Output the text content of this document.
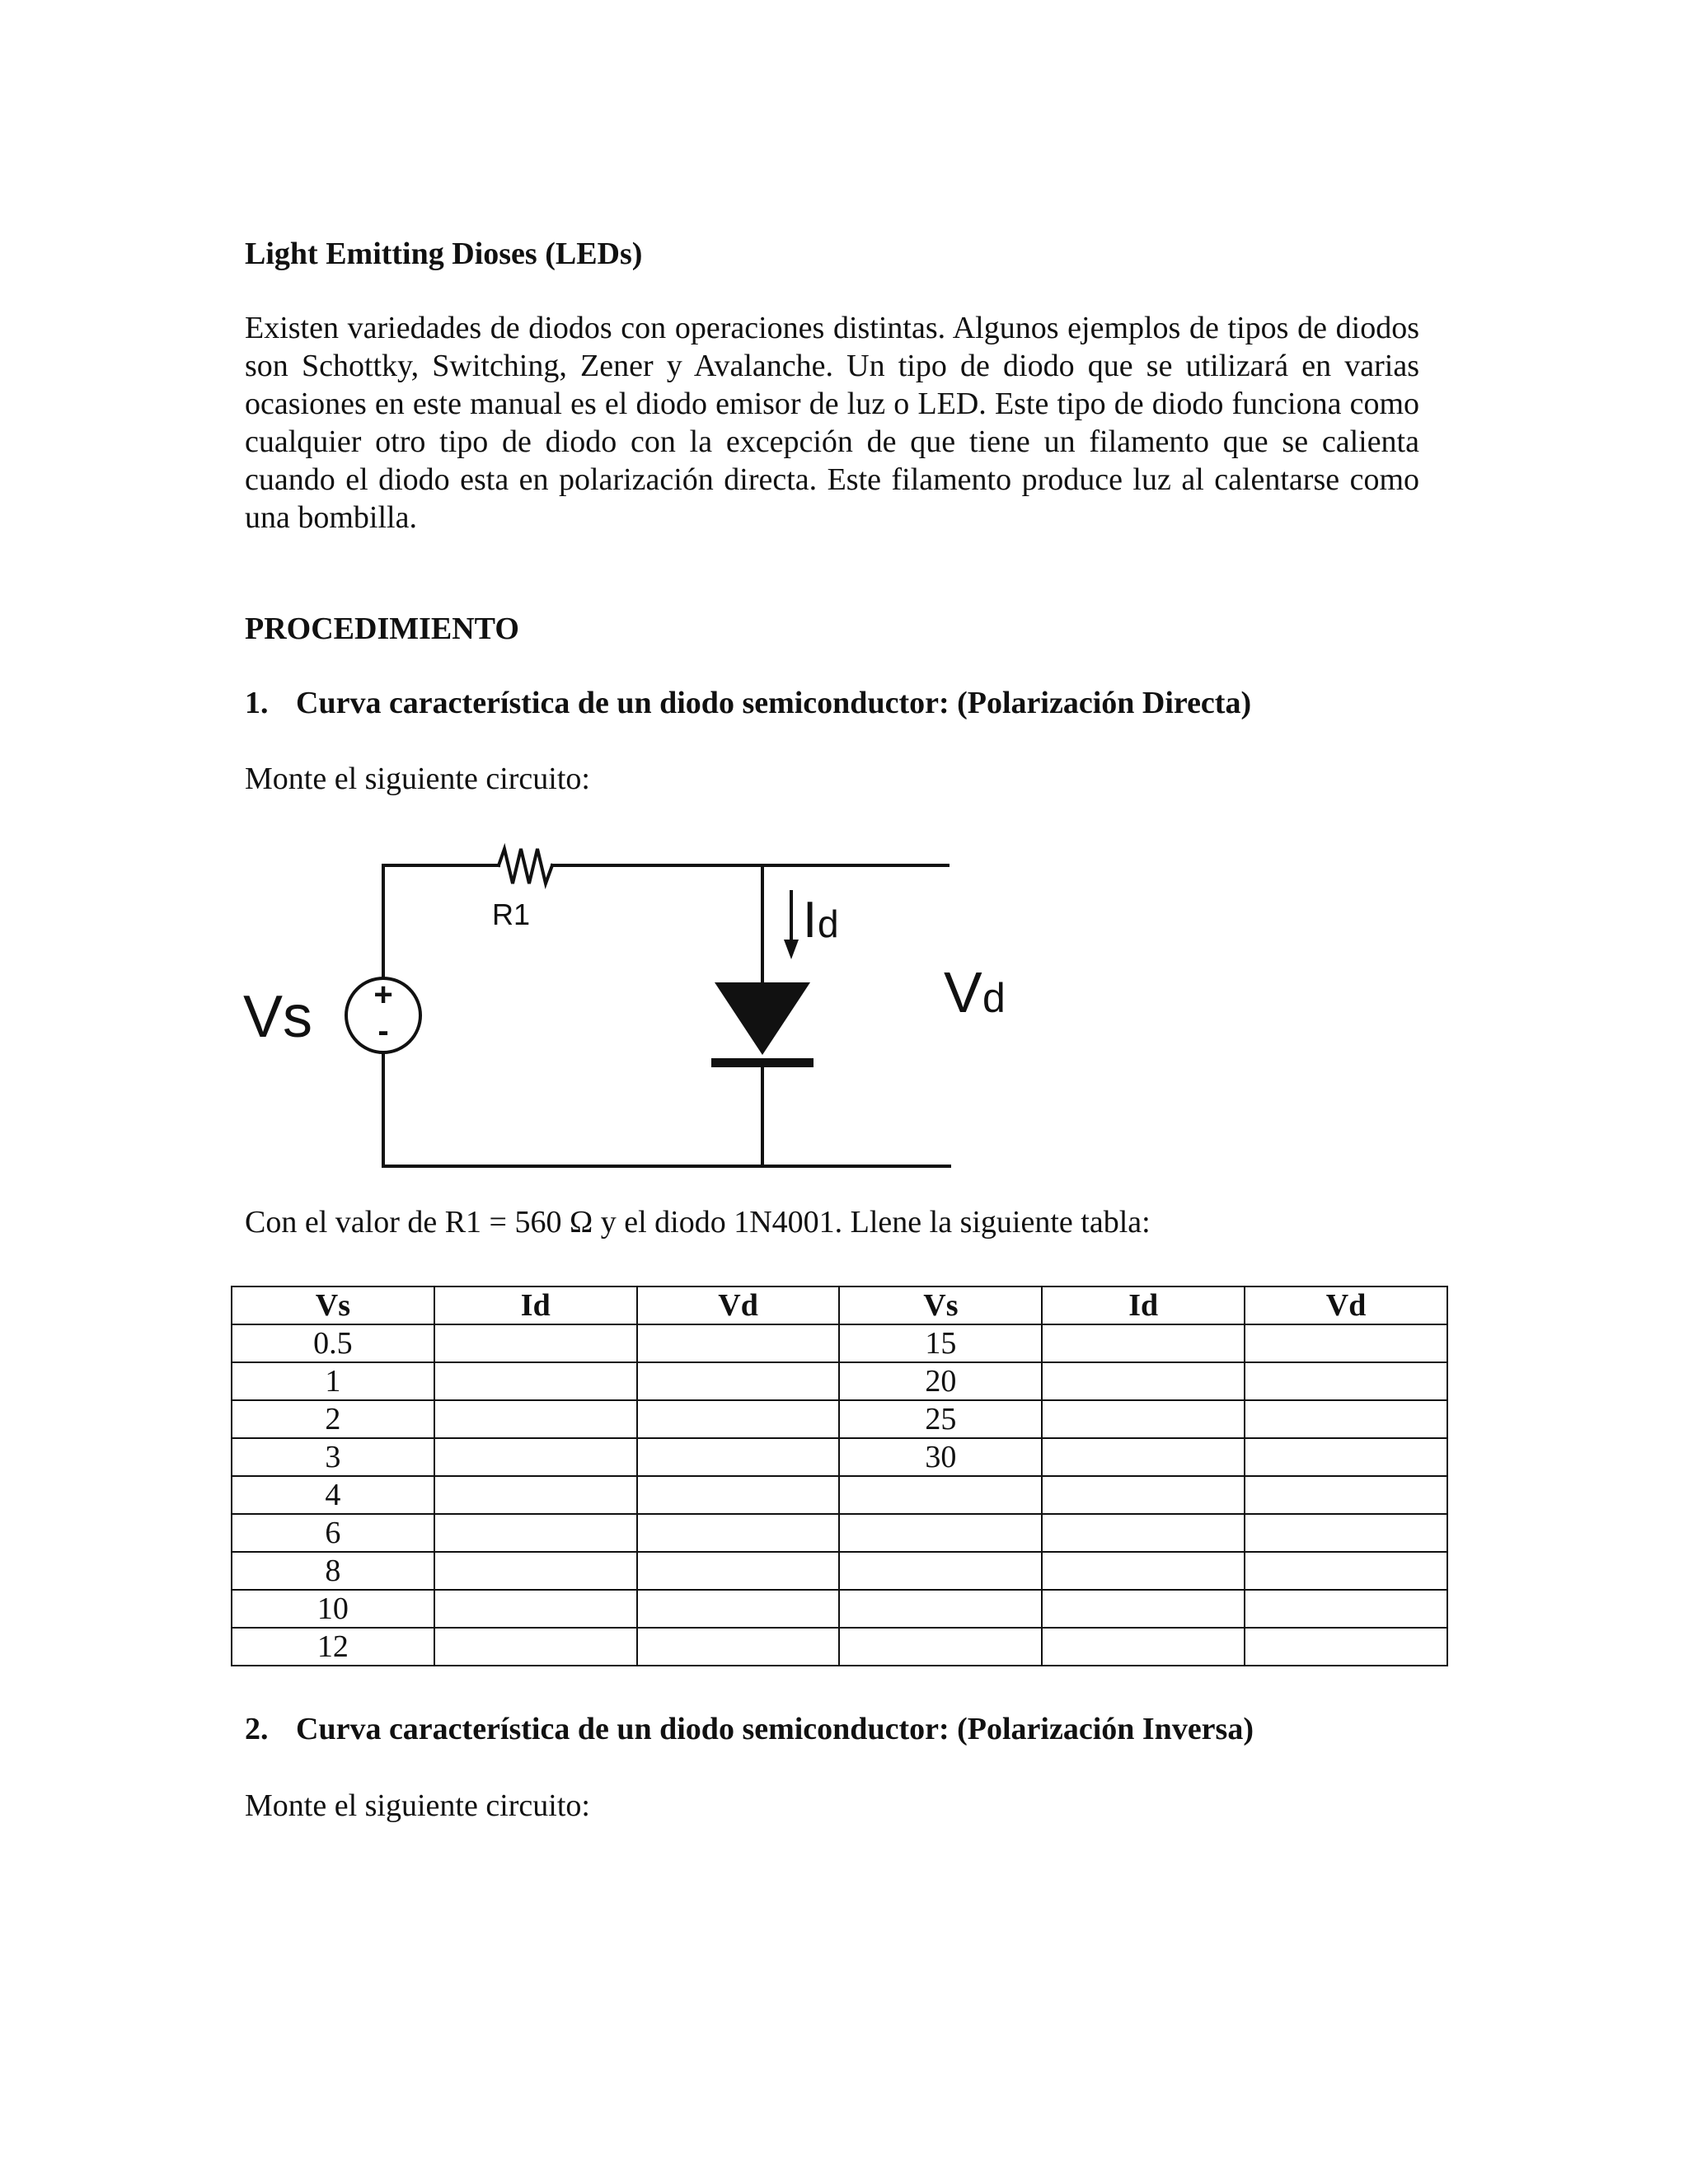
Light Emitting Dioses (LEDs)
Existen variedades de diodos con operaciones distintas. Algunos ejemplos de tipos de diodos son Schottky, Switching, Zener y Avalanche. Un tipo de diodo que se utilizará en varias ocasiones en este manual es el diodo emisor de luz o LED. Este tipo de diodo funciona como cualquier otro tipo de diodo con la excepción de que tiene un filamento que se calienta cuando el diodo esta en polarización directa. Este filamento produce luz al calentarse como una bombilla.
PROCEDIMIENTO
1. Curva característica de un diodo semiconductor: (Polarización Directa)
Monte el siguiente circuito:
Vs +
-
R1	I d
V d
Con el valor de R1 = 560 Ω y el diodo 1N4001. Llene la siguiente tabla:
Vs	Id	Vd	Vs	Id	Vd
0.5			15		
1			20		
2			25		
3			30		
4					
6					
8					
10					
12					
2. Curva característica de un diodo semiconductor: (Polarización Inversa)
Monte el siguiente circuito:
